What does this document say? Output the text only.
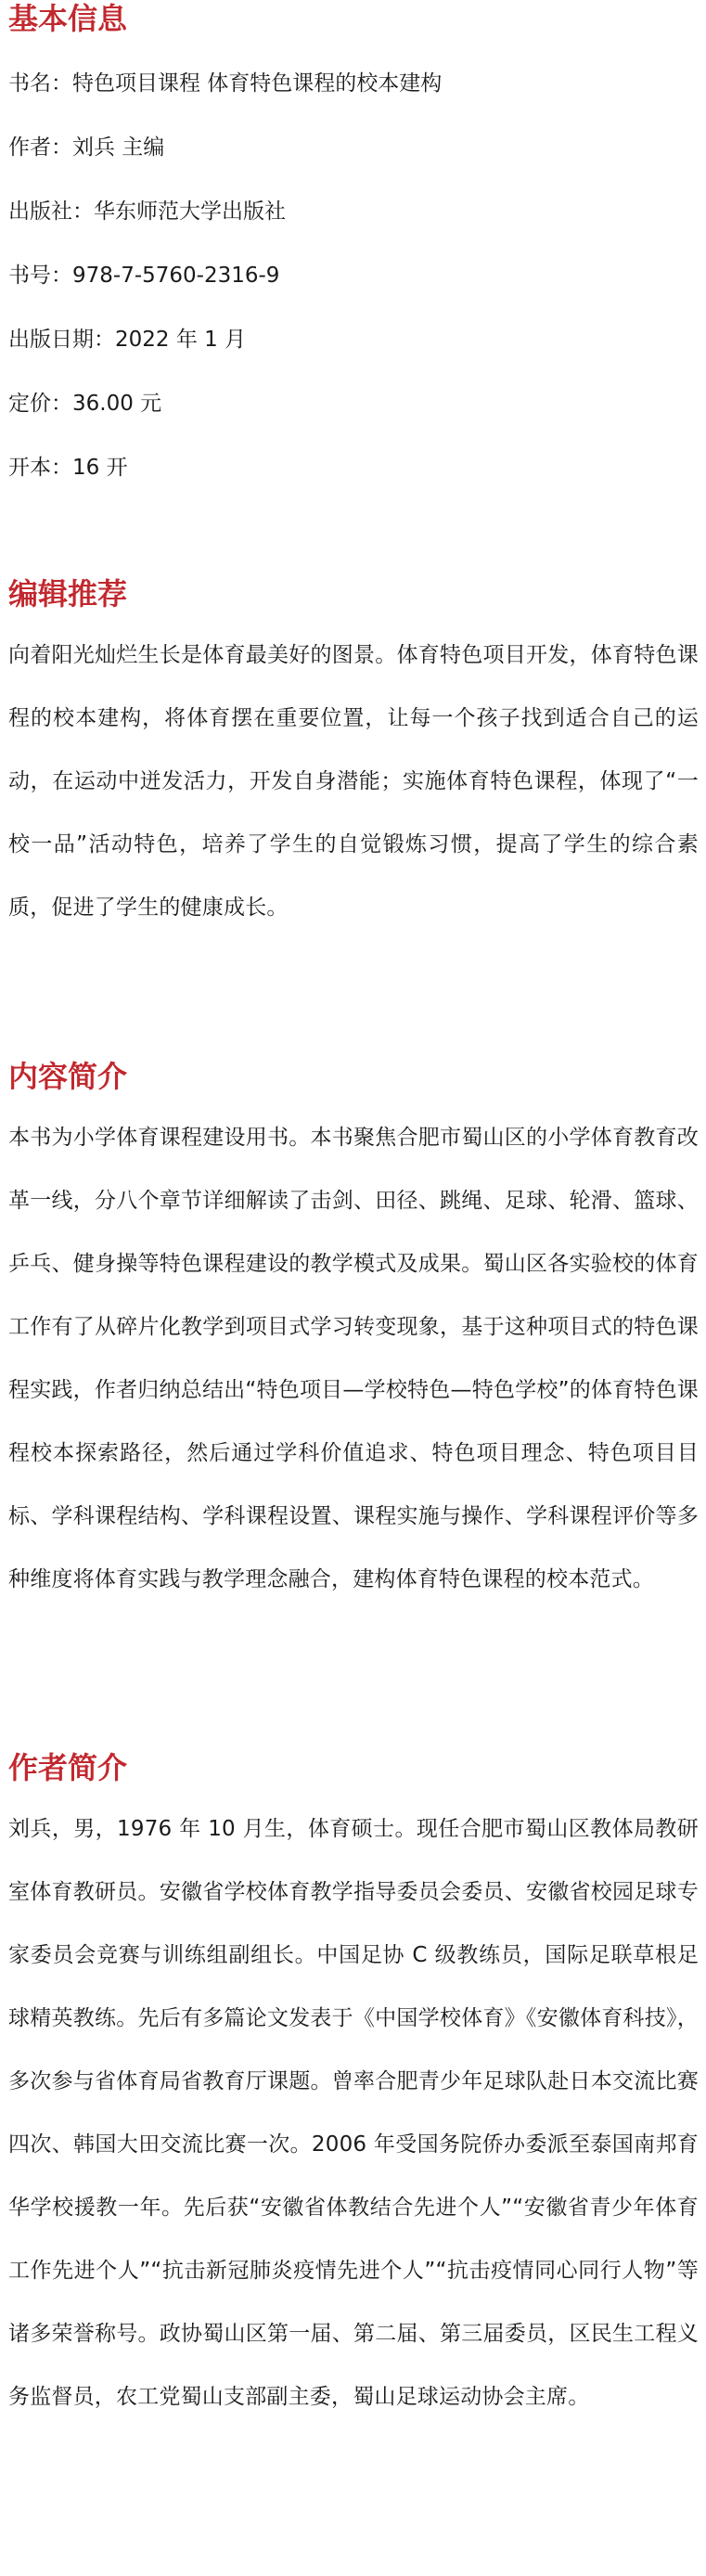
基本信息

书名：特色项目课程 体育特色课程的校本建构

作者：刘兵 主编

出版社：华东师范大学出版社

书号：978-7-5760-2316-9

出版日期：2022 年 1 月

定价：36.00 元

开本：16 开

编辑推荐

向着阳光灿烂生长是体育最美好的图景。体育特色项目开发，体育特色课程的校本建构，将体育摆在重要位置，让每一个孩子找到适合自己的运动，在运动中迸发活力，开发自身潜能；实施体育特色课程，体现了“一校一品”活动特色，培养了学生的自觉锻炼习惯，提高了学生的综合素质，促进了学生的健康成长。

内容简介

本书为小学体育课程建设用书。本书聚焦合肥市蜀山区的小学体育教育改革一线，分八个章节详细解读了击剑、田径、跳绳、足球、轮滑、篮球、乒乓、健身操等特色课程建设的教学模式及成果。蜀山区各实验校的体育工作有了从碎片化教学到项目式学习转变现象，基于这种项目式的特色课程实践，作者归纳总结出“特色项目—学校特色—特色学校”的体育特色课程校本探索路径，然后通过学科价值追求、特色项目理念、特色项目目标、学科课程结构、学科课程设置、课程实施与操作、学科课程评价等多种维度将体育实践与教学理念融合，建构体育特色课程的校本范式。

作者简介

刘兵，男，1976 年 10 月生，体育硕士。现任合肥市蜀山区教体局教研室体育教研员。安徽省学校体育教学指导委员会委员、安徽省校园足球专家委员会竞赛与训练组副组长。中国足协 C 级教练员，国际足联草根足球精英教练。先后有多篇论文发表于《中国学校体育》《安徽体育科技》，多次参与省体育局省教育厅课题。曾率合肥青少年足球队赴日本交流比赛四次、韩国大田交流比赛一次。2006 年受国务院侨办委派至泰国南邦育华学校援教一年。先后获“安徽省体教结合先进个人”“安徽省青少年体育工作先进个人”“抗击新冠肺炎疫情先进个人”“抗击疫情同心同行人物”等诸多荣誉称号。政协蜀山区第一届、第二届、第三届委员，区民生工程义务监督员，农工党蜀山支部副主委，蜀山足球运动协会主席。
